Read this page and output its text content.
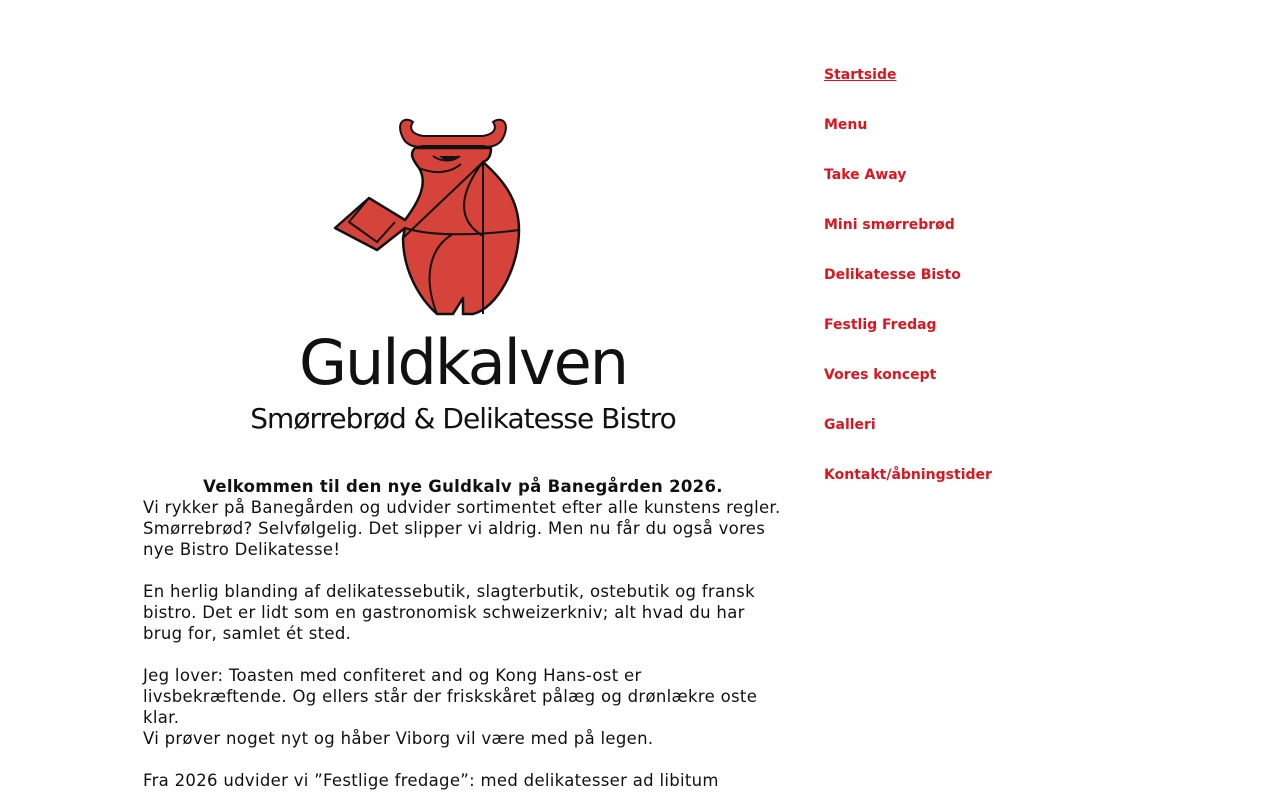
Guldkalven
Smørrebrød & Delikatesse Bistro

Velkommen til den nye Guldkalv på Banegården 2026.

Vi rykker på Banegården og udvider sortimentet efter alle kunstens regler. Smørrebrød? Selvfølgelig. Det slipper vi aldrig. Men nu får du også vores nye Bistro Delikatesse!

En herlig blanding af delikatessebutik, slagterbutik, ostebutik og fransk bistro. Det er lidt som en gastronomisk schweizerkniv; alt hvad du har brug for, samlet ét sted.

Jeg lover: Toasten med confiteret and og Kong Hans-ost er livsbekræftende. Og ellers står der friskskåret pålæg og drønlækre oste klar.

Vi prøver noget nyt og håber Viborg vil være med på legen.

Fra 2026 udvider vi ”Festlige fredage”: med delikatesser ad libitum

Startside
Menu
Take Away
Mini smørrebrød
Delikatesse Bisto
Festlig Fredag
Vores koncept
Galleri
Kontakt/åbningstider
